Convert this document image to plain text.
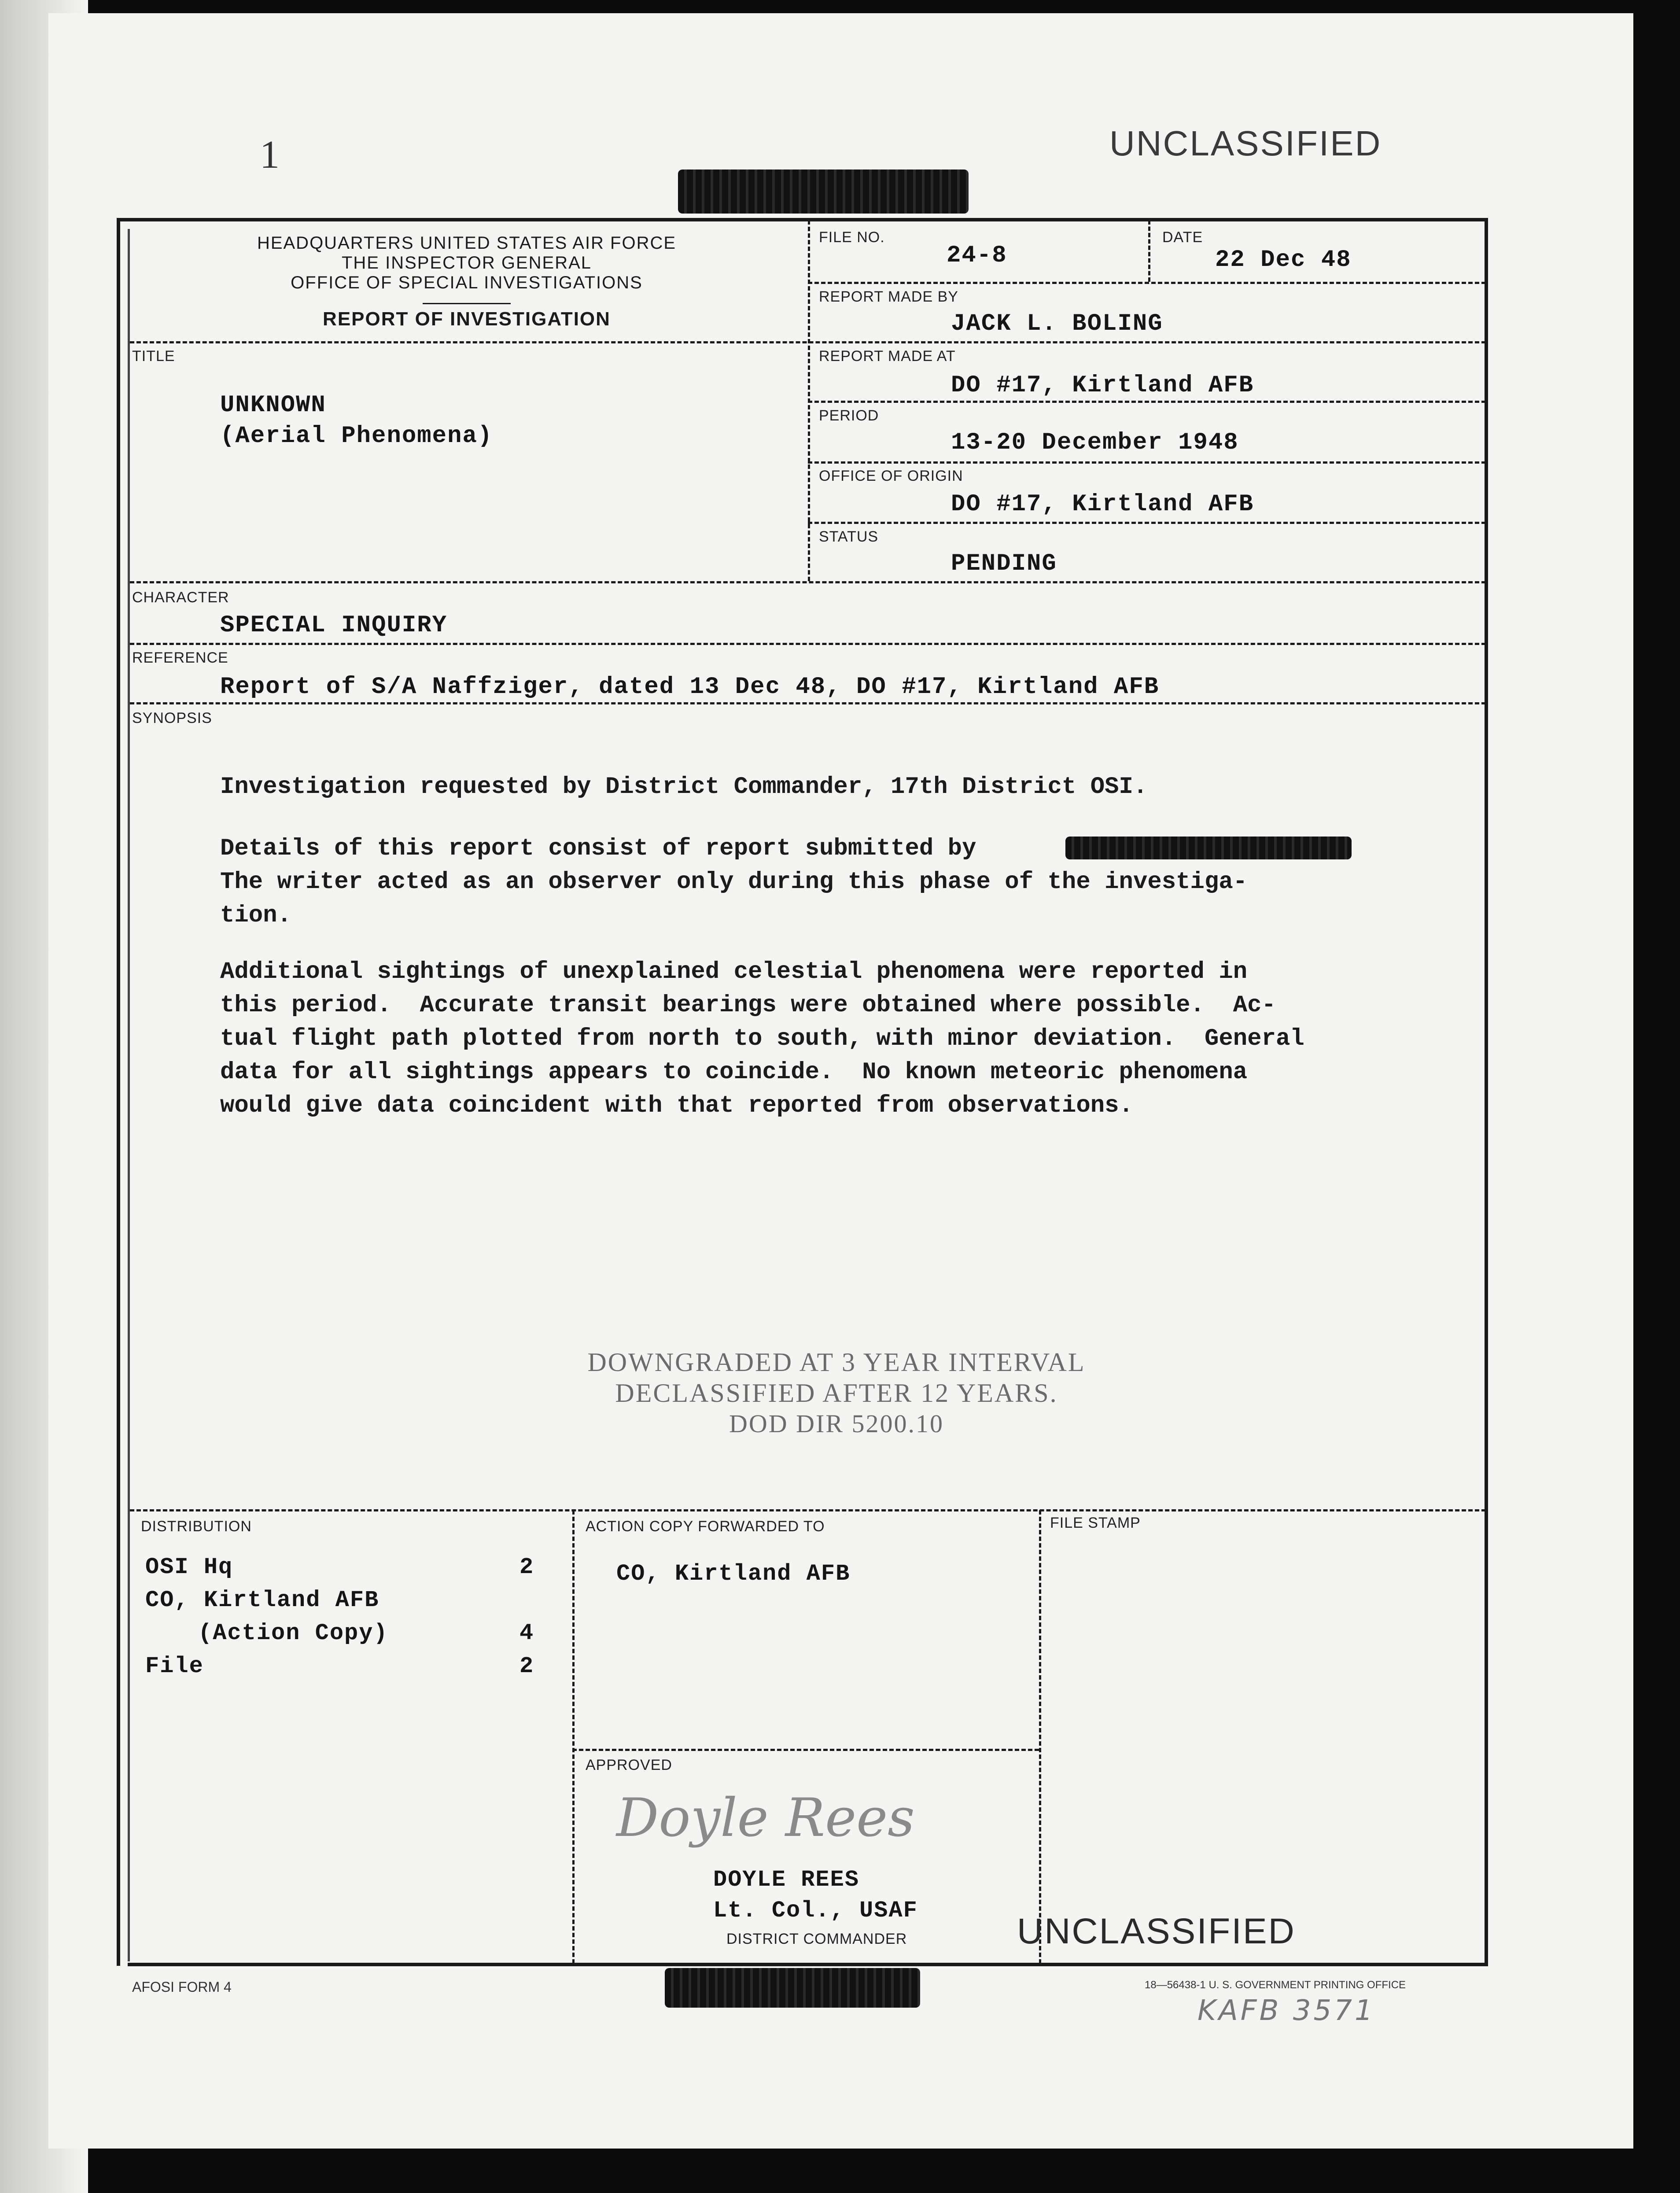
1	UNCLASSIFIED
HEADQUARTERS UNITED STATES AIR FORCE
THE INSPECTOR GENERAL
OFFICE OF SPECIAL INVESTIGATIONS
REPORT OF INVESTIGATION
FILE NO.
24-8
DATE
22 Dec 48
REPORT MADE BY
JACK L. BOLING
TITLE
UNKNOWN
(Aerial Phenomena)
REPORT MADE AT
DO #17, Kirtland AFB
PERIOD
13-20 December 1948
OFFICE OF ORIGIN
DO #17, Kirtland AFB
STATUS
PENDING
CHARACTER
SPECIAL INQUIRY
REFERENCE
Report of S/A Naffziger, dated 13 Dec 48, DO #17, Kirtland AFB
SYNOPSIS
Investigation requested by District Commander, 17th District OSI.
Details of this report consist of report submitted by
The writer acted as an observer only during this phase of the investiga-
tion.
Additional sightings of unexplained celestial phenomena were reported in
this period.  Accurate transit bearings were obtained where possible.  Ac-
tual flight path plotted from north to south, with minor deviation.  General
data for all sightings appears to coincide.  No known meteoric phenomena
would give data coincident with that reported from observations.
DOWNGRADED AT 3 YEAR INTERVAL
DECLASSIFIED AFTER 12 YEARS.
DOD DIR 5200.10
DISTRIBUTION
OSI Hq	2
CO, Kirtland AFB
(Action Copy)	4
File	2
ACTION COPY FORWARDED TO
CO, Kirtland AFB
FILE STAMP
APPROVED
Doyle Rees
DOYLE REES
Lt. Col., USAF
DISTRICT COMMANDER	UNCLASSIFIED
AFOSI FORM 4	18—56438-1 U. S. GOVERNMENT PRINTING OFFICE
KAFB 3571
